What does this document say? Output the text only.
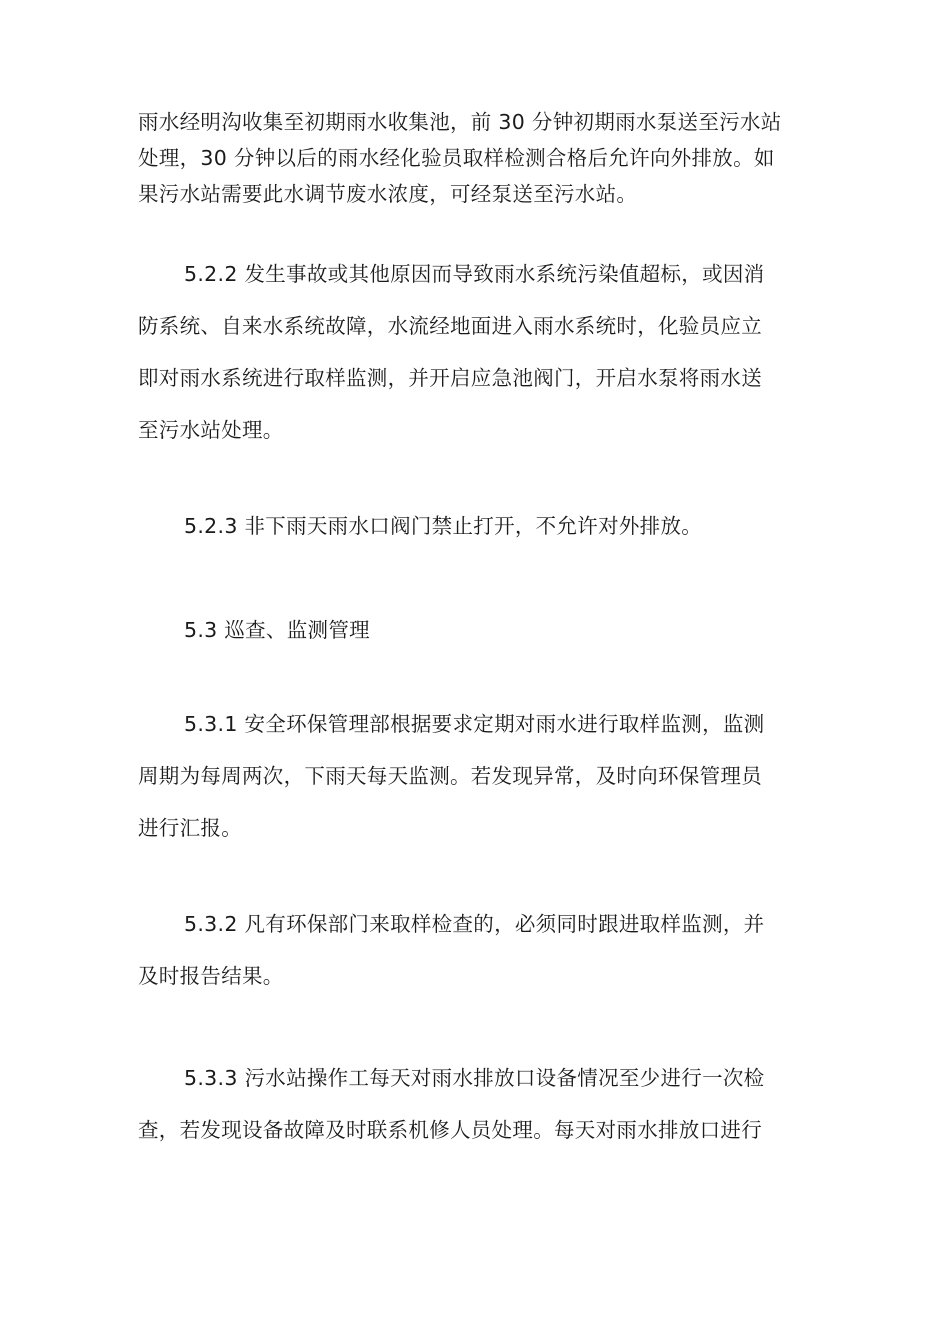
雨水经明沟收集至初期雨水收集池，前 30 分钟初期雨水泵送至污水站
处理，30 分钟以后的雨水经化验员取样检测合格后允许向外排放。如
果污水站需要此水调节废水浓度，可经泵送至污水站。

5.2.2 发生事故或其他原因而导致雨水系统污染值超标，或因消
防系统、自来水系统故障，水流经地面进入雨水系统时，化验员应立
即对雨水系统进行取样监测，并开启应急池阀门，开启水泵将雨水送
至污水站处理。

5.2.3 非下雨天雨水口阀门禁止打开，不允许对外排放。

5.3 巡查、监测管理

5.3.1 安全环保管理部根据要求定期对雨水进行取样监测，监测
周期为每周两次，下雨天每天监测。若发现异常，及时向环保管理员
进行汇报。

5.3.2 凡有环保部门来取样检查的，必须同时跟进取样监测，并
及时报告结果。

5.3.3 污水站操作工每天对雨水排放口设备情况至少进行一次检
查，若发现设备故障及时联系机修人员处理。每天对雨水排放口进行
